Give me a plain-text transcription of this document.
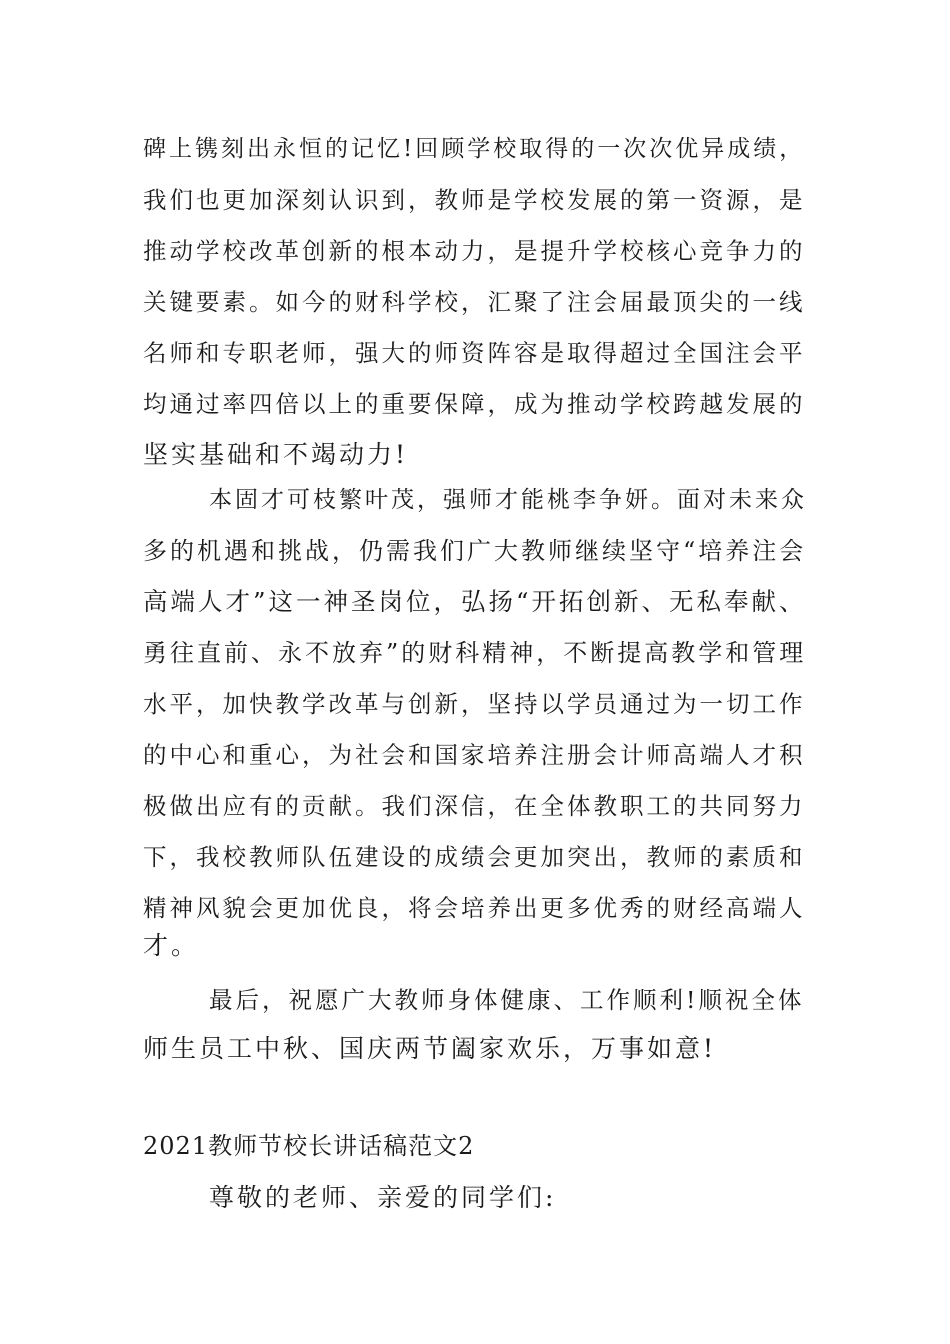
碑上镌刻出永恒的记忆!回顾学校取得的一次次优异成绩，
我们也更加深刻认识到，教师是学校发展的第一资源，是
推动学校改革创新的根本动力，是提升学校核心竞争力的
关键要素。如今的财科学校，汇聚了注会届最顶尖的一线
名师和专职老师，强大的师资阵容是取得超过全国注会平
均通过率四倍以上的重要保障，成为推动学校跨越发展的
坚实基础和不竭动力!
本固才可枝繁叶茂，强师才能桃李争妍。面对未来众
多的机遇和挑战，仍需我们广大教师继续坚守“培养注会
高端人才”这一神圣岗位，弘扬“开拓创新、无私奉献、
勇往直前、永不放弃”的财科精神，不断提高教学和管理
水平，加快教学改革与创新，坚持以学员通过为一切工作
的中心和重心，为社会和国家培养注册会计师高端人才积
极做出应有的贡献。我们深信，在全体教职工的共同努力
下，我校教师队伍建设的成绩会更加突出，教师的素质和
精神风貌会更加优良，将会培养出更多优秀的财经高端人
才。
最后，祝愿广大教师身体健康、工作顺利!顺祝全体
师生员工中秋、国庆两节阖家欢乐，万事如意!
2021教师节校长讲话稿范文2
尊敬的老师、亲爱的同学们:
